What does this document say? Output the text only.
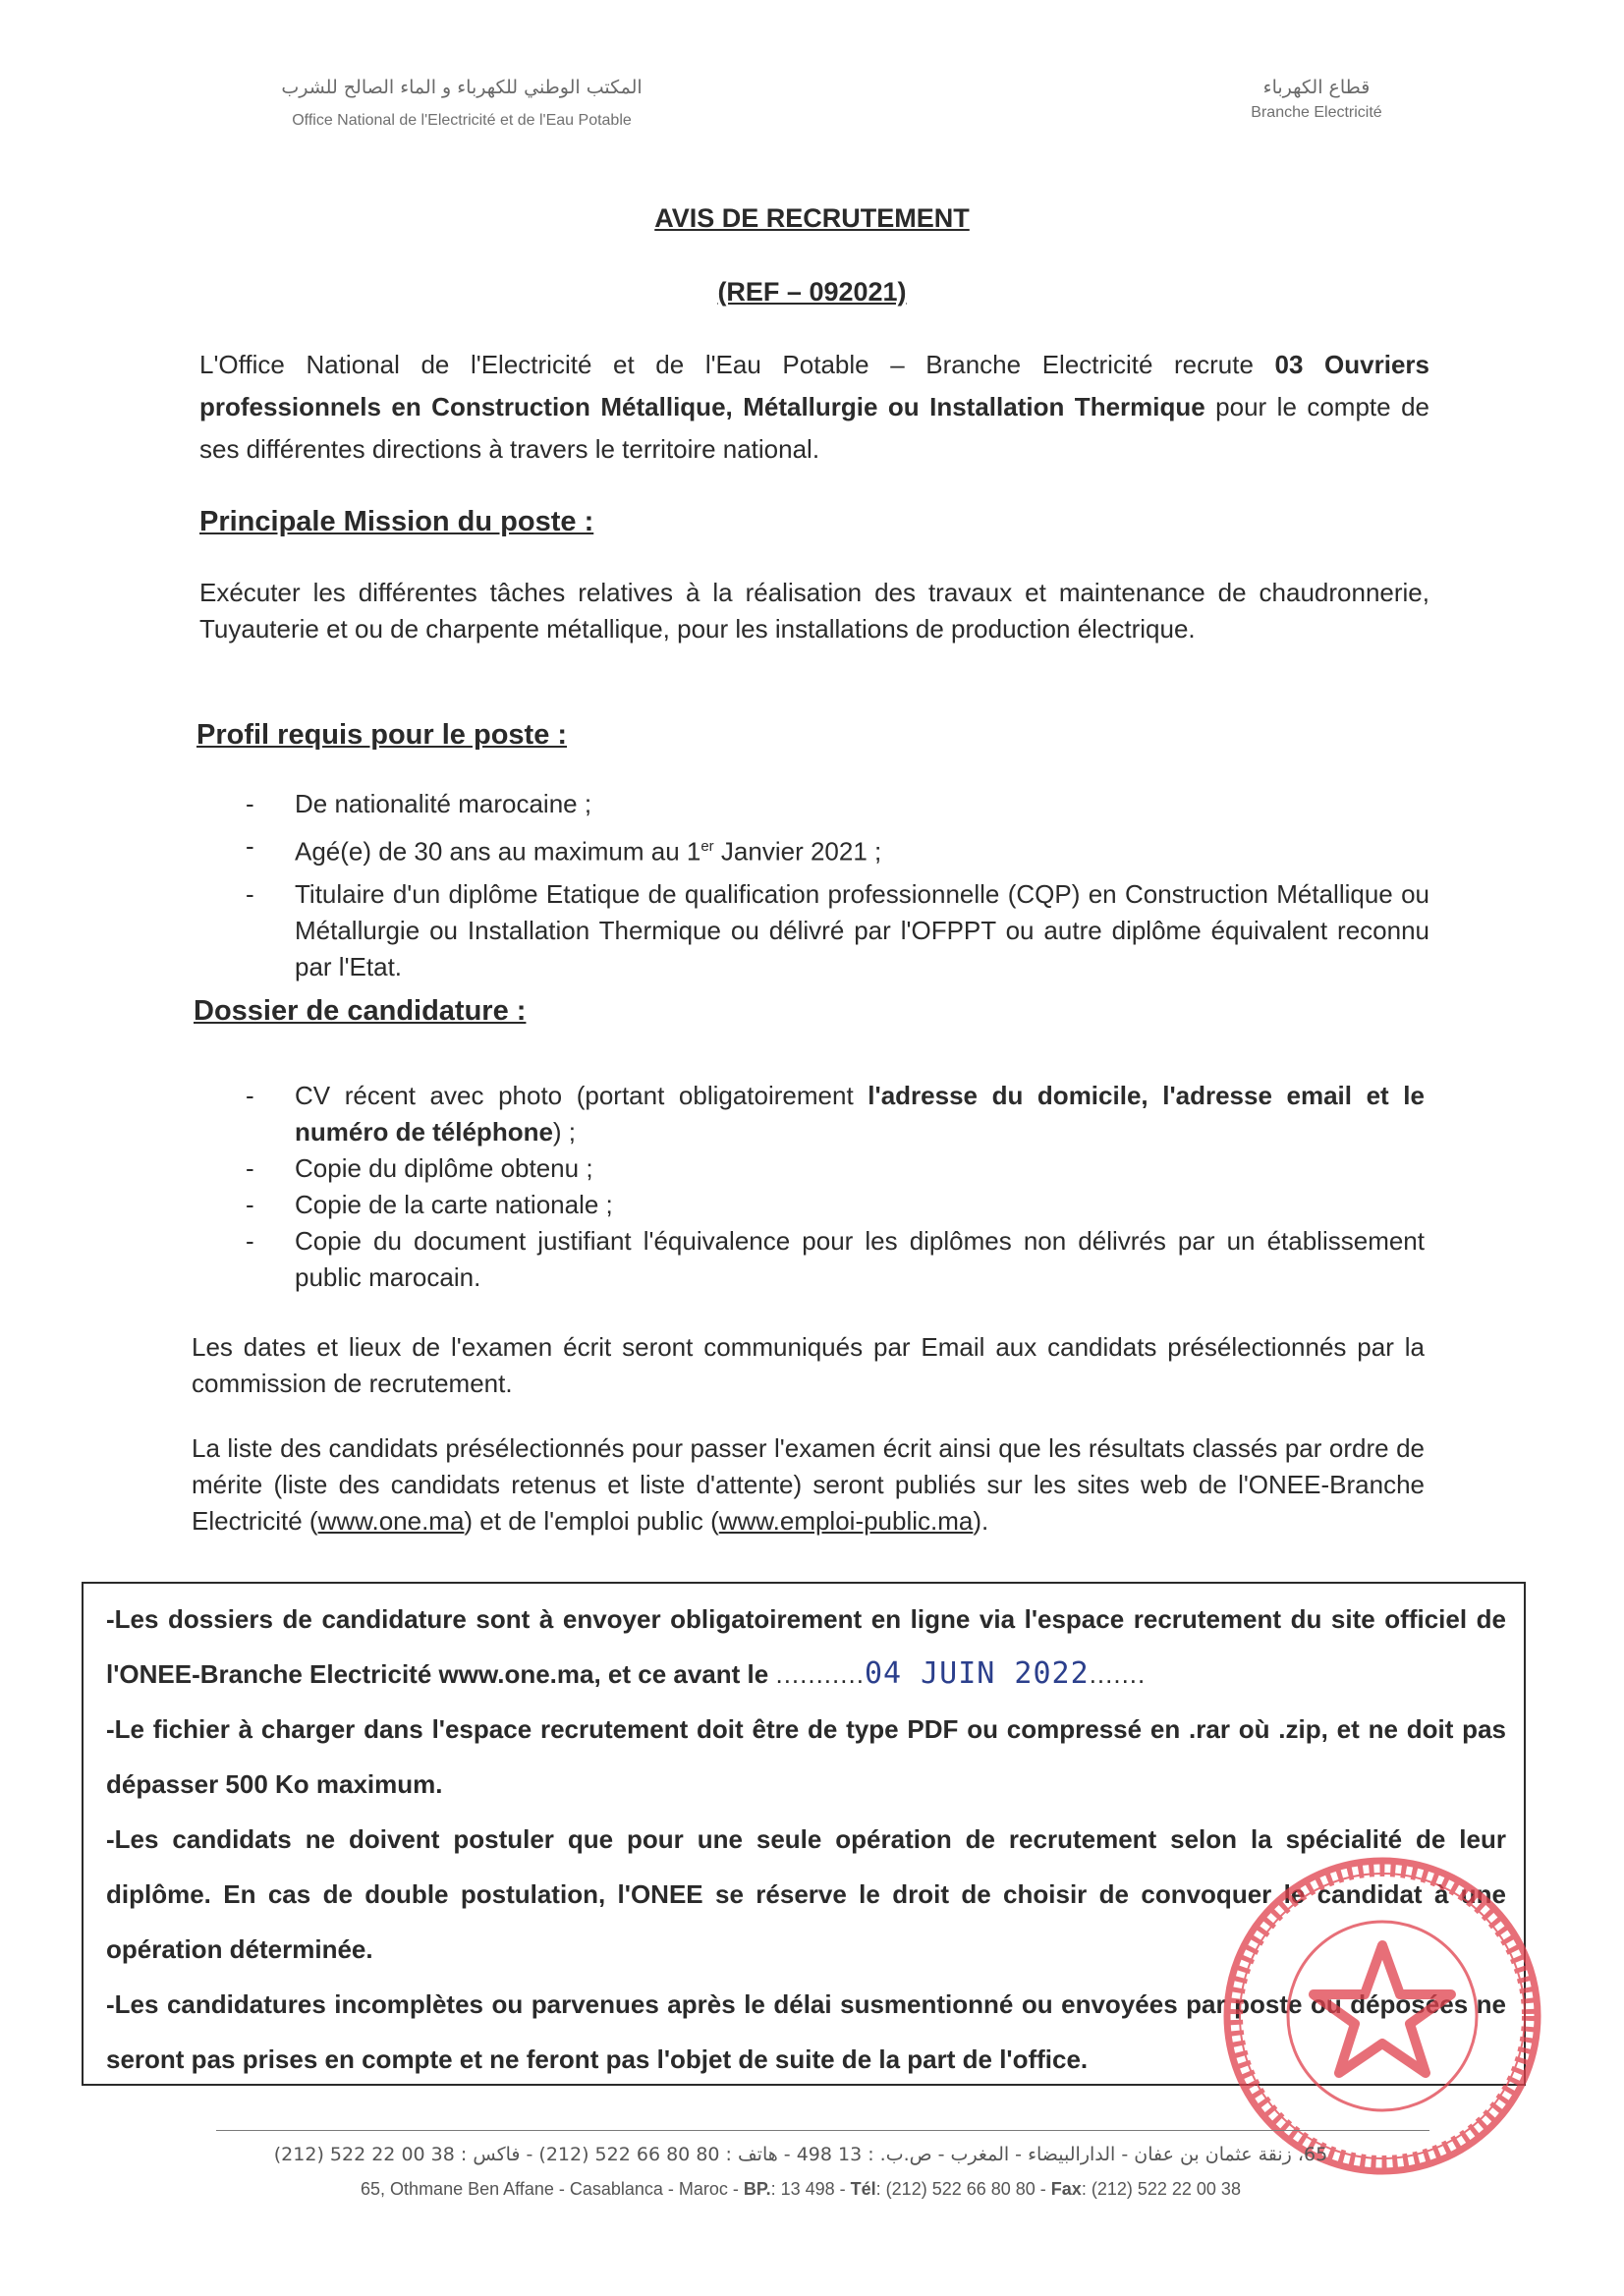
المكتب الوطني للكهرباء و الماء الصالح للشرب
Office National de l'Electricité et de l'Eau Potable
قطاع الكهرباء
Branche Electricité
AVIS DE RECRUTEMENT
(REF – 092021)
L'Office National de l'Electricité et de l'Eau Potable – Branche Electricité recrute 03 Ouvriers professionnels en Construction Métallique, Métallurgie ou Installation Thermique pour le compte de ses différentes directions à travers le territoire national.
Principale Mission du poste :
Exécuter les différentes tâches relatives à la réalisation des travaux et maintenance de chaudronnerie, Tuyauterie et ou de charpente métallique, pour les installations de production électrique.
Profil requis pour le poste :
- De nationalité marocaine ;
- Agé(e) de 30 ans au maximum au 1er Janvier 2021 ;
- Titulaire d'un diplôme Etatique de qualification professionnelle (CQP) en Construction Métallique ou Métallurgie ou Installation Thermique ou délivré par l'OFPPT ou autre diplôme équivalent reconnu par l'Etat.
Dossier de candidature :
- CV récent avec photo (portant obligatoirement l'adresse du domicile, l'adresse email et le numéro de téléphone) ;
- Copie du diplôme obtenu ;
- Copie de la carte nationale ;
- Copie du document justifiant l'équivalence pour les diplômes non délivrés par un établissement public marocain.
Les dates et lieux de l'examen écrit seront communiqués par Email aux candidats présélectionnés par la commission de recrutement.
La liste des candidats présélectionnés pour passer l'examen écrit ainsi que les résultats classés par ordre de mérite (liste des candidats retenus et liste d'attente) seront publiés sur les sites web de l'ONEE-Branche Electricité (www.one.ma) et de l'emploi public (www.emploi-public.ma).

-Les dossiers de candidature sont à envoyer obligatoirement en ligne via l'espace recrutement du site officiel de l'ONEE-Branche Electricité www.one.ma, et ce avant le ...........04 JUIN 2022.......

-Le fichier à charger dans l'espace recrutement doit être de type PDF ou compressé en .rar où .zip, et ne doit pas dépasser 500 Ko maximum.

-Les candidats ne doivent postuler que pour une seule opération de recrutement selon la spécialité de leur diplôme. En cas de double postulation, l'ONEE se réserve le droit de choisir de convoquer le candidat à une opération déterminée.

-Les candidatures incomplètes ou parvenues après le délai susmentionné ou envoyées par poste ou déposées ne seront pas prises en compte et ne feront pas l'objet de suite de la part de l'office.

65، زنقة عثمان بن عفان - الدارالبيضاء - المغرب - ص.ب. : 13 498 - هاتف : 80 80 66 522 (212) - فاكس : 38 00 22 522 (212)
65, Othmane Ben Affane - Casablanca - Maroc - BP.: 13 498 - Tél: (212) 522 66 80 80 - Fax: (212) 522 22 00 38
